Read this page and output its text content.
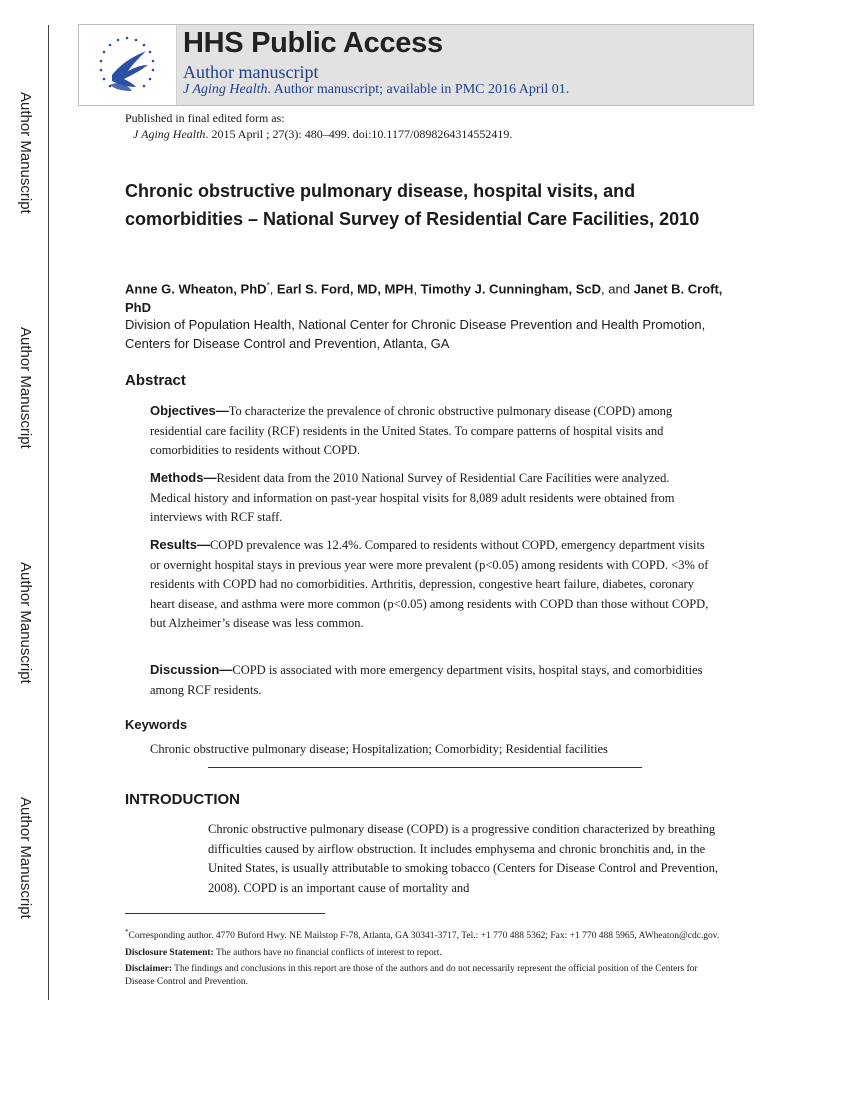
Author Manuscript
Author Manuscript
Author Manuscript
Author Manuscript
HHS Public Access
Author manuscript
J Aging Health. Author manuscript; available in PMC 2016 April 01.
Published in final edited form as:
J Aging Health. 2015 April ; 27(3): 480–499. doi:10.1177/0898264314552419.
Chronic obstructive pulmonary disease, hospital visits, and comorbidities – National Survey of Residential Care Facilities, 2010
Anne G. Wheaton, PhD*, Earl S. Ford, MD, MPH, Timothy J. Cunningham, ScD, and Janet B. Croft, PhD
Division of Population Health, National Center for Chronic Disease Prevention and Health Promotion, Centers for Disease Control and Prevention, Atlanta, GA
Abstract

Objectives—To characterize the prevalence of chronic obstructive pulmonary disease (COPD) among residential care facility (RCF) residents in the United States. To compare patterns of hospital visits and comorbidities to residents without COPD.

Methods—Resident data from the 2010 National Survey of Residential Care Facilities were analyzed. Medical history and information on past-year hospital visits for 8,089 adult residents were obtained from interviews with RCF staff.

Results—COPD prevalence was 12.4%. Compared to residents without COPD, emergency department visits or overnight hospital stays in previous year were more prevalent (p<0.05) among residents with COPD. <3% of residents with COPD had no comorbidities. Arthritis, depression, congestive heart failure, diabetes, coronary heart disease, and asthma were more common (p<0.05) among residents with COPD than those without COPD, but Alzheimer’s disease was less common.

Discussion—COPD is associated with more emergency department visits, hospital stays, and comorbidities among RCF residents.

Keywords

Chronic obstructive pulmonary disease; Hospitalization; Comorbidity; Residential facilities

INTRODUCTION

Chronic obstructive pulmonary disease (COPD) is a progressive condition characterized by breathing difficulties caused by airflow obstruction. It includes emphysema and chronic bronchitis and, in the United States, is usually attributable to smoking tobacco (Centers for Disease Control and Prevention, 2008). COPD is an important cause of mortality and

*Corresponding author. 4770 Buford Hwy. NE Mailstop F-78, Atlanta, GA 30341-3717, Tel.: +1 770 488 5362; Fax: +1 770 488 5965, AWheaton@cdc.gov.

Disclosure Statement: The authors have no financial conflicts of interest to report.

Disclaimer: The findings and conclusions in this report are those of the authors and do not necessarily represent the official position of the Centers for Disease Control and Prevention.
